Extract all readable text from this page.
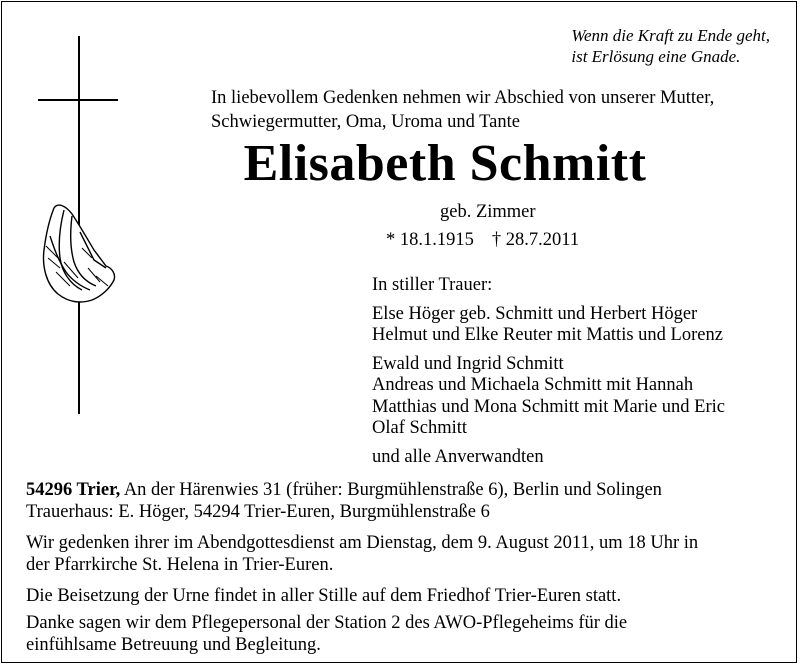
Wenn die Kraft zu Ende geht,
ist Erlösung eine Gnade.
In liebevollem Gedenken nehmen wir Abschied von unserer Mutter,
Schwiegermutter, Oma, Uroma und Tante
Elisabeth Schmitt
geb. Zimmer
* 18.1.1915 † 28.7.2011
In stiller Trauer:
Else Höger geb. Schmitt und Herbert Höger
Helmut und Elke Reuter mit Mattis und Lorenz
Ewald und Ingrid Schmitt
Andreas und Michaela Schmitt mit Hannah
Matthias und Mona Schmitt mit Marie und Eric
Olaf Schmitt
und alle Anverwandten
54296 Trier, An der Härenwies 31 (früher: Burgmühlenstraße 6), Berlin und Solingen
Trauerhaus: E. Höger, 54294 Trier-Euren, Burgmühlenstraße 6
Wir gedenken ihrer im Abendgottesdienst am Dienstag, dem 9. August 2011, um 18 Uhr in
der Pfarrkirche St. Helena in Trier-Euren.
Die Beisetzung der Urne findet in aller Stille auf dem Friedhof Trier-Euren statt.
Danke sagen wir dem Pflegepersonal der Station 2 des AWO-Pflegeheims für die
einfühlsame Betreuung und Begleitung.
